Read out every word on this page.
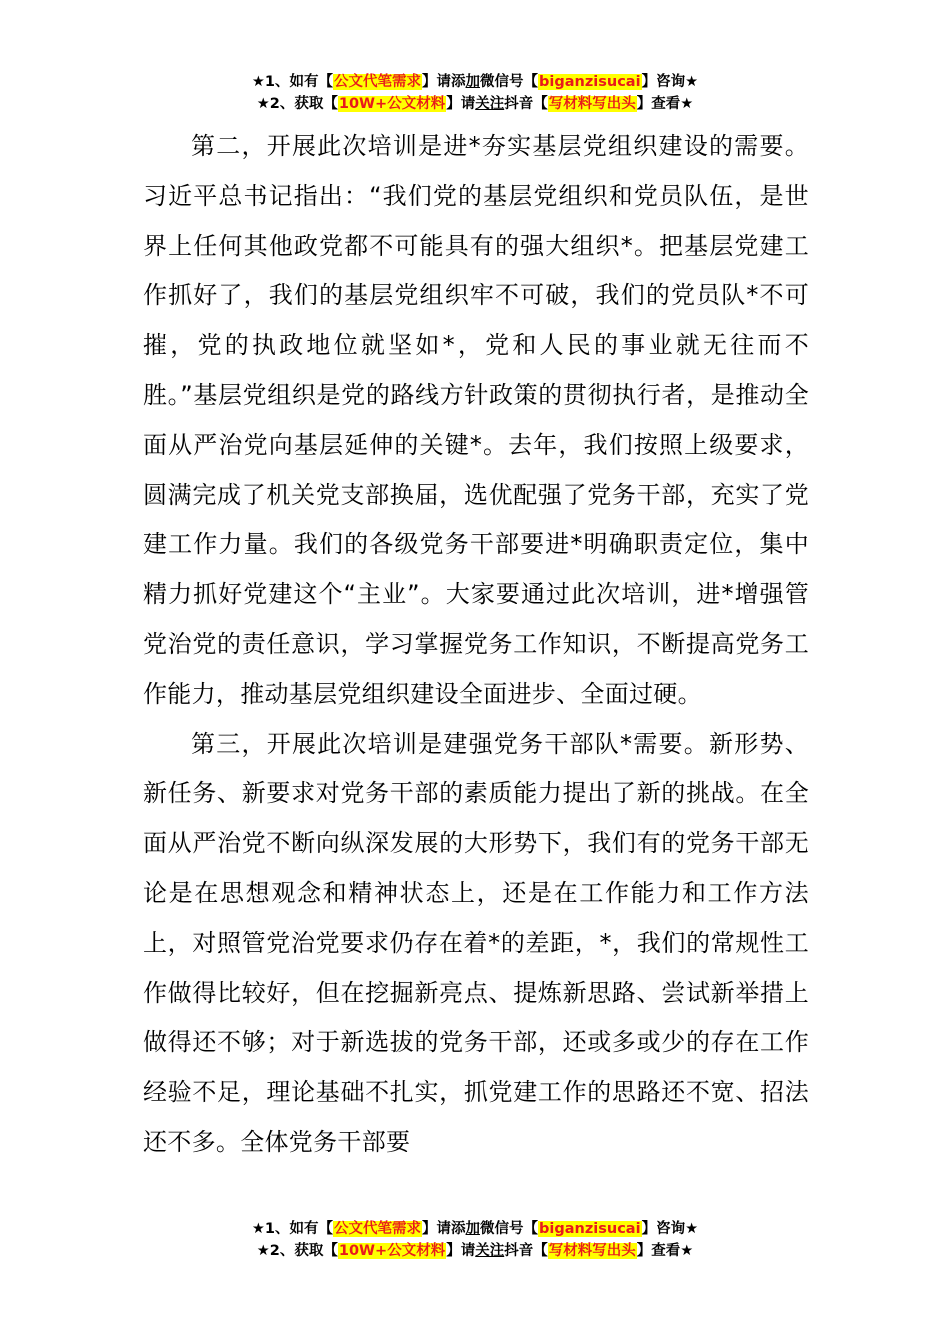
★1、如有【公文代笔需求】请添加微信号【biganzisucai】咨询★
★2、获取【10W+公文材料】请关注抖音【写材料写出头】查看★

第二，开展此次培训是进*夯实基层党组织建设的需要。习近平总书记指出：“我们党的基层党组织和党员队伍，是世界上任何其他政党都不可能具有的强大组织*。把基层党建工作抓好了，我们的基层党组织牢不可破，我们的党员队*不可摧，党的执政地位就坚如*，党和人民的事业就无往而不胜。”基层党组织是党的路线方针政策的贯彻执行者，是推动全面从严治党向基层延伸的关键*。去年，我们按照上级要求，圆满完成了机关党支部换届，选优配强了党务干部，充实了党建工作力量。我们的各级党务干部要进*明确职责定位，集中精力抓好党建这个“主业”。大家要通过此次培训，进*增强管党治党的责任意识，学习掌握党务工作知识，不断提高党务工作能力，推动基层党组织建设全面进步、全面过硬。

第三，开展此次培训是建强党务干部队*需要。新形势、新任务、新要求对党务干部的素质能力提出了新的挑战。在全面从严治党不断向纵深发展的大形势下，我们有的党务干部无论是在思想观念和精神状态上，还是在工作能力和工作方法上，对照管党治党要求仍存在着*的差距，*，我们的常规性工作做得比较好，但在挖掘新亮点、提炼新思路、尝试新举措上做得还不够；对于新选拔的党务干部，还或多或少的存在工作经验不足，理论基础不扎实，抓党建工作的思路还不宽、招法还不多。全体党务干部要

★1、如有【公文代笔需求】请添加微信号【biganzisucai】咨询★
★2、获取【10W+公文材料】请关注抖音【写材料写出头】查看★
